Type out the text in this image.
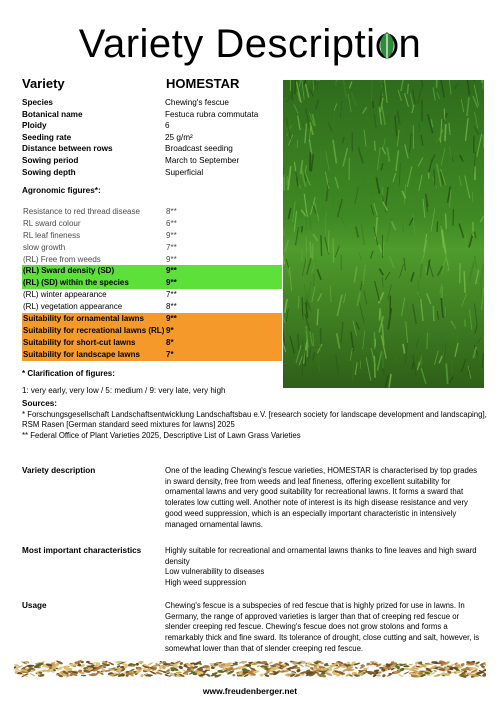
Variety Descripti n
Variety	HOMESTAR
Species	Chewing's fescue
Botanical name	Festuca rubra commutata
Ploidy	6
Seeding rate	25 g/m²
Distance between rows	Broadcast seeding
Sowing period	March to September
Sowing depth	Superficial
Agronomic figures*:
Resistance to red thread disease	8**
RL sward colour	6**
RL leaf fineness	9**
slow growth	7**
(RL) Free from weeds	9**
(RL) Sward density (SD)	9**
(RL) (SD) within the species	9**
(RL) winter appearance	7**
(RL) vegetation appearance	8**
Suitability for ornamental lawns	9**
Suitability for recreational lawns (RL) 9*
Suitability for short-cut lawns	8*
Suitability for landscape lawns	7*
* Clarification of figures:
1: very early, very low / 5: medium / 9: very late, very high
Sources:
* Forschungsgesellschaft Landschaftsentwicklung Landschaftsbau e.V. [research society for landscape development and landscaping], RSM Rasen [German standard seed mixtures for lawns] 2025
** Federal Office of Plant Varieties 2025, Descriptive List of Lawn Grass Varieties
Variety description	One of the leading Chewing's fescue varieties, HOMESTAR is characterised by top grades in sward density, free from weeds and leaf fineness, offering excellent suitability for ornamental lawns and very good suitability for recreational lawns. It forms a sward that tolerates low cutting well. Another note of interest is its high disease resistance and very good weed suppression, which is an especially important characteristic in intensively managed ornamental lawns.
Most important characteristics	Highly suitable for recreational and ornamental lawns thanks to fine leaves and high sward density
Low vulnerability to diseases
High weed suppression
Usage	Chewing's fescue is a subspecies of red fescue that is highly prized for use in lawns. In Germany, the range of approved varieties is larger than that of creeping red fescue or slender creeping red fescue. Chewing's fescue does not grow stolons and forms a remarkably thick and fine sward. Its tolerance of drought, close cutting and salt, however, is somewhat lower than that of slender creeping red fescue.
www.freudenberger.net
